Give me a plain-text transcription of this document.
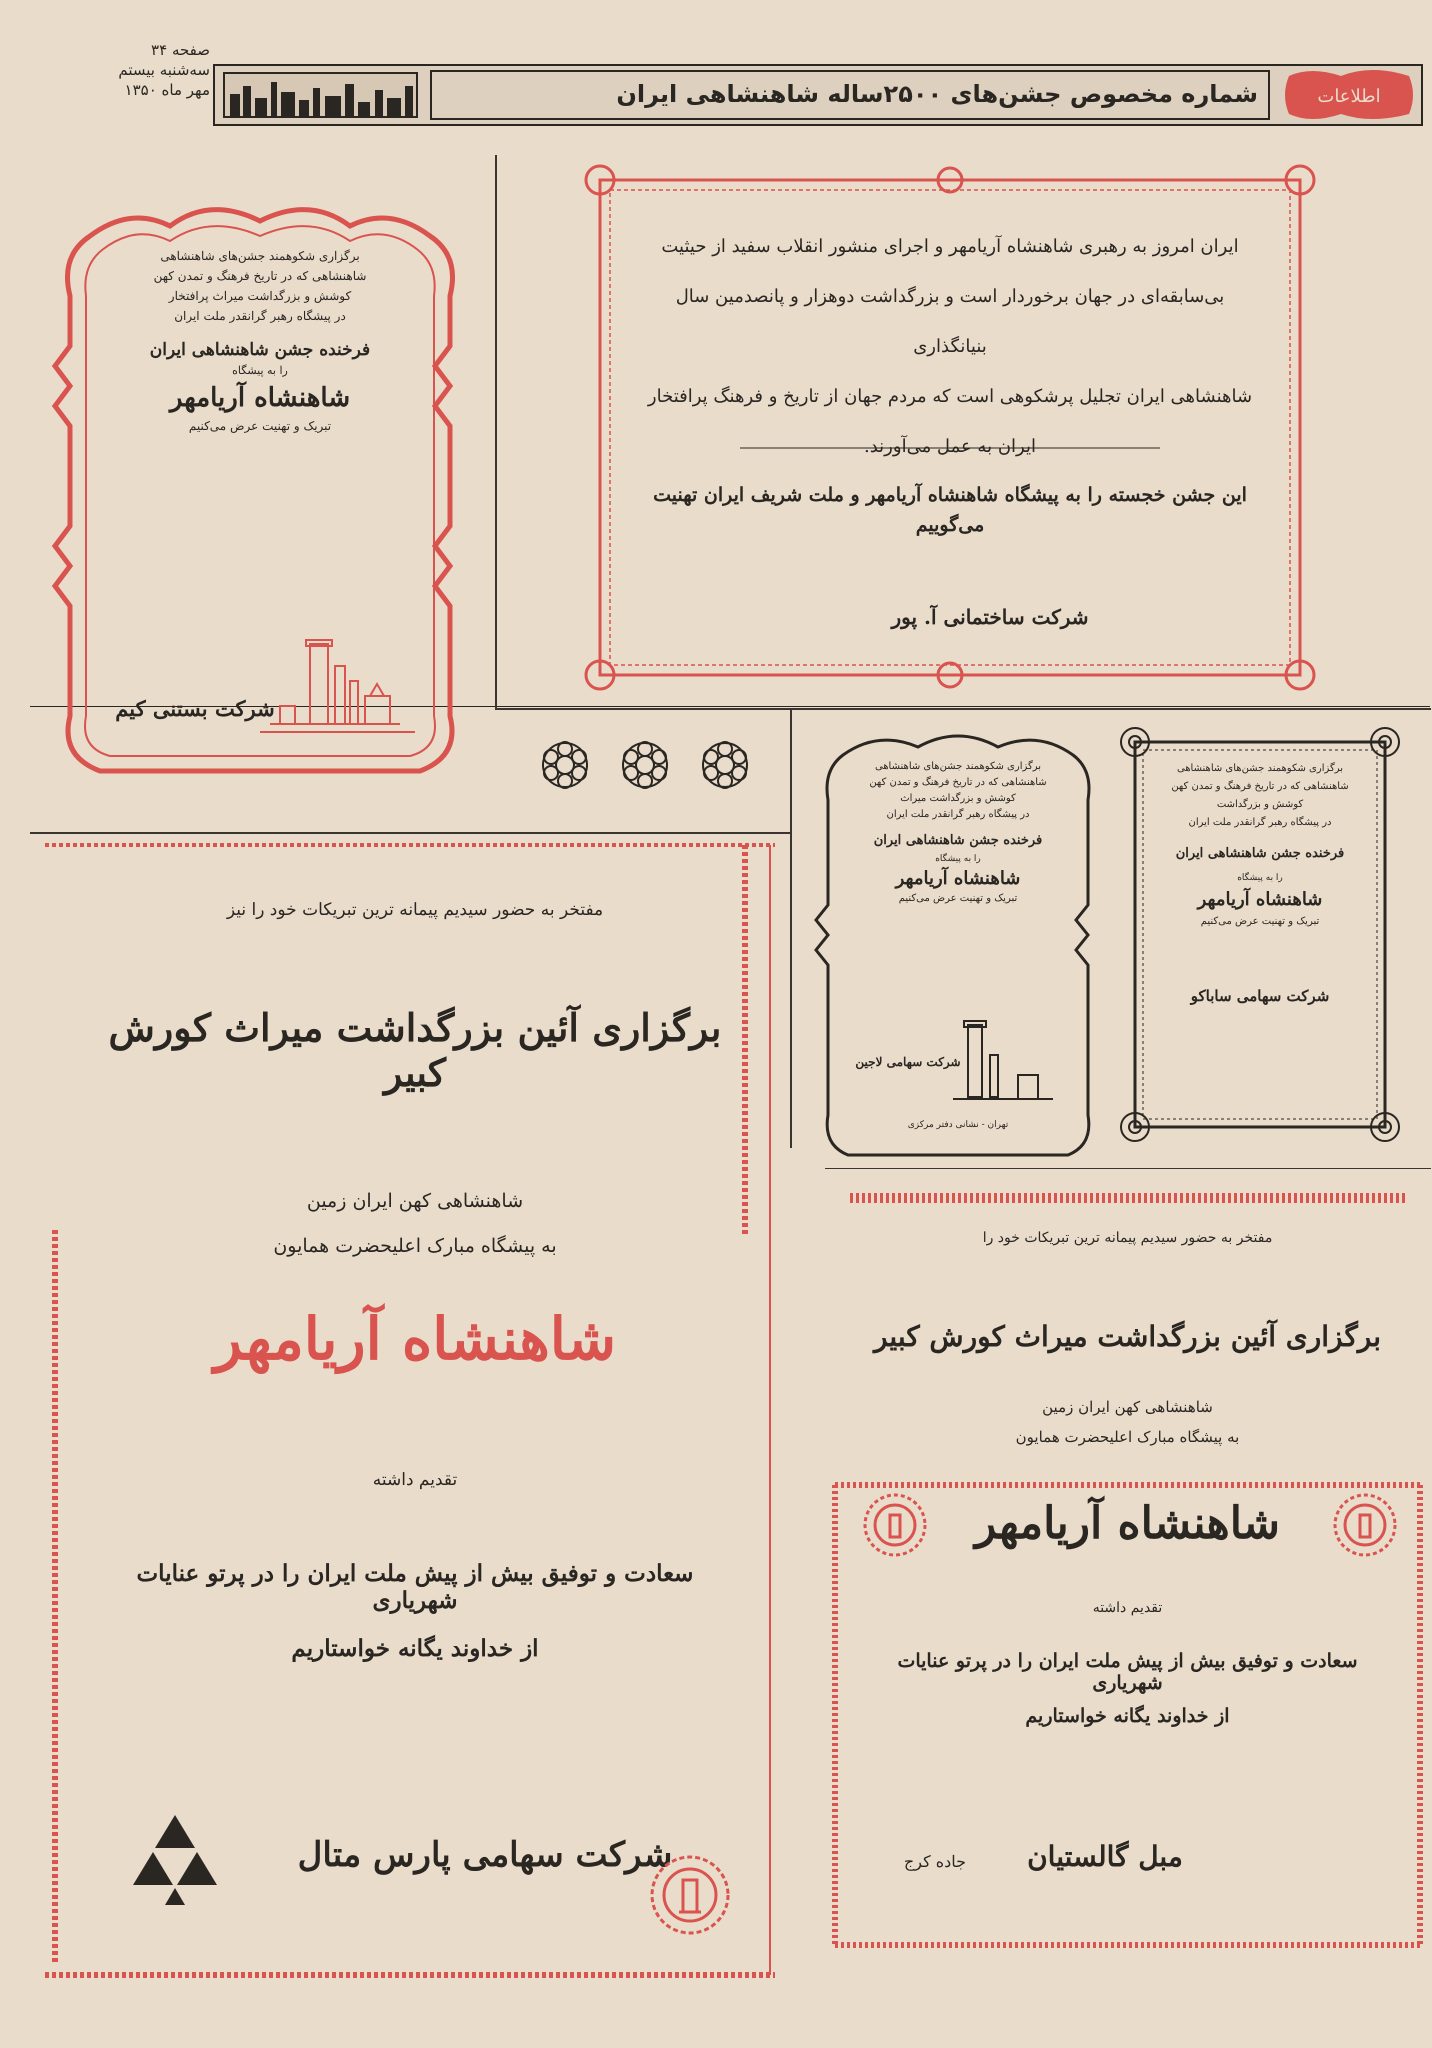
صفحه ۳۴
سه‌شنبه بیستم
مهر ماه ۱۳۵۰	شماره مخصوص جشن‌های ۲۵۰۰ساله شاهنشاهی ایران	اطلاعات
برگزاری شکوهمند جشن‌های شاهنشاهی
شاهنشاهی که در تاریخ فرهنگ و تمدن کهن
کوشش و بزرگداشت میراث پرافتخار
در پیشگاه رهبر گرانقدر ملت ایران
فرخنده جشن شاهنشاهی ایران
را به پیشگاه
شاهنشاه آریامهر
تبریک و تهنیت عرض می‌کنیم
شرکت بستنی کیم
ایران امروز به رهبری شاهنشاه آریامهر و اجرای منشور انقلاب سفید از حیثیت
بی‌سابقه‌ای در جهان برخوردار است و بزرگداشت دوهزار و پانصدمین سال بنیانگذاری
شاهنشاهی ایران تجلیل پرشکوهی است که مردم جهان از تاریخ و فرهنگ پرافتخار ایران به عمل می‌آورند.
این جشن خجسته را به پیشگاه شاهنشاه آریامهر و ملت شریف ایران تهنیت می‌گوییم
شرکت ساختمانی آ. پور
برگزاری شکوهمند جشن‌های شاهنشاهی
شاهنشاهی که در تاریخ فرهنگ و تمدن کهن
کوشش و بزرگداشت میراث
در پیشگاه رهبر گرانقدر ملت ایران
فرخنده جشن شاهنشاهی ایران
را به پیشگاه
شاهنشاه آریامهر
تبریک و تهنیت عرض می‌کنیم
شرکت سهامی لاجین
تهران - نشانی دفتر مرکزی
برگزاری شکوهمند جشن‌های شاهنشاهی
شاهنشاهی که در تاریخ فرهنگ و تمدن کهن
کوشش و بزرگداشت
در پیشگاه رهبر گرانقدر ملت ایران
فرخنده جشن شاهنشاهی ایران
را به پیشگاه
شاهنشاه آریامهر
تبریک و تهنیت عرض می‌کنیم
شرکت سهامی ساباکو
مفتخر به حضور سیدیم پیمانه ترین تبریکات خود را نیز
برگزاری آئین بزرگداشت میراث کورش کبیر
شاهنشاهی کهن ایران زمین
به پیشگاه مبارک اعلیحضرت همایون
شاهنشاه آریامهر
تقدیم داشته
سعادت و توفیق بیش از پیش ملت ایران را در پرتو عنایات شهریاری
از خداوند یگانه خواستاریم
شرکت سهامی پارس متال
مفتخر به حضور سیدیم پیمانه ترین تبریکات خود را
برگزاری آئین بزرگداشت میراث کورش کبیر
شاهنشاهی کهن ایران زمین
به پیشگاه مبارک اعلیحضرت همایون
شاهنشاه آریامهر
تقدیم داشته
سعادت و توفیق بیش از پیش ملت ایران را در پرتو عنایات شهریاری
از خداوند یگانه خواستاریم
مبل گالستیان
جاده کرج
